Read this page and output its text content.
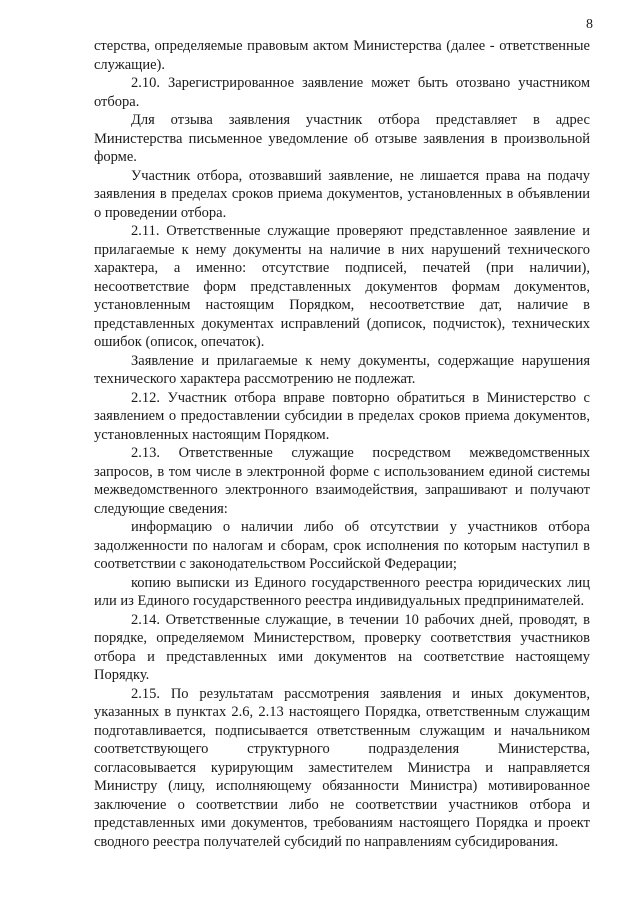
8

стерства, определяемые правовым актом Министерства (далее - ответственные служащие).

2.10. Зарегистрированное заявление может быть отозвано участником отбора.

Для отзыва заявления участник отбора представляет в адрес Министерства письменное уведомление об отзыве заявления в произвольной форме.

Участник отбора, отозвавший заявление, не лишается права на подачу заявления в пределах сроков приема документов, установленных в объявлении о проведении отбора.

2.11. Ответственные служащие проверяют представленное заявление и прилагаемые к нему документы на наличие в них нарушений технического характера, а именно: отсутствие подписей, печатей (при наличии), несоответствие форм представленных документов формам документов, установленным настоящим Порядком, несоответствие дат, наличие в представленных документах исправлений (дописок, подчисток), технических ошибок (описок, опечаток).

Заявление и прилагаемые к нему документы, содержащие нарушения технического характера рассмотрению не подлежат.

2.12. Участник отбора вправе повторно обратиться в Министерство с заявлением о предоставлении субсидии в пределах сроков приема документов, установленных настоящим Порядком.

2.13. Ответственные служащие посредством межведомственных запросов, в том числе в электронной форме с использованием единой системы межведомственного электронного взаимодействия, запрашивают и получают следующие сведения:

информацию о наличии либо об отсутствии у участников отбора задолженности по налогам и сборам, срок исполнения по которым наступил в соответствии с законодательством Российской Федерации;

копию выписки из Единого государственного реестра юридических лиц или из Единого государственного реестра индивидуальных предпринимателей.

2.14. Ответственные служащие, в течении 10 рабочих дней, проводят, в порядке, определяемом Министерством, проверку соответствия участников отбора и представленных ими документов на соответствие настоящему Порядку.

2.15. По результатам рассмотрения заявления и иных документов, указанных в пунктах 2.6, 2.13 настоящего Порядка, ответственным служащим подготавливается, подписывается ответственным служащим и начальником соответствующего структурного подразделения Министерства, согласовывается курирующим заместителем Министра и направляется Министру (лицу, исполняющему обязанности Министра) мотивированное заключение о соответствии либо не соответствии участников отбора и представленных ими документов, требованиям настоящего Порядка и проект сводного реестра получателей субсидий по направлениям субсидирования.
